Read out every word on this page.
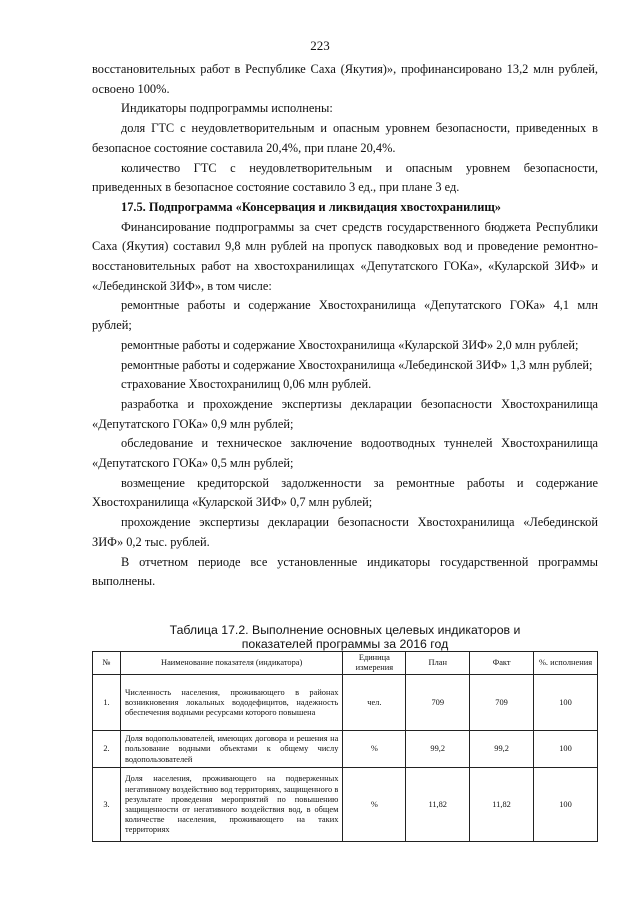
223

восстановительных работ в Республике Саха (Якутия)», профинансировано 13,2 млн рублей, освоено 100%.

Индикаторы подпрограммы исполнены:

доля ГТС с неудовлетворительным и опасным уровнем безопасности, приведенных в безопасное состояние составила 20,4%, при плане 20,4%.

количество ГТС с неудовлетворительным и опасным уровнем безопасности, приведенных в безопасное состояние составило 3 ед., при плане 3 ед.

17.5. Подпрограмма «Консервация и ликвидация хвостохранилищ»

Финансирование подпрограммы за счет средств государственного бюджета Республики Саха (Якутия) составил 9,8 млн рублей на пропуск паводковых вод и проведение ремонтно-восстановительных работ на хвостохранилищах «Депутатского ГОКа», «Куларской ЗИФ» и «Лебединской ЗИФ», в том числе:

ремонтные работы и содержание Хвостохранилища «Депутатского ГОКа» 4,1 млн рублей;

ремонтные работы и содержание Хвостохранилища «Куларской ЗИФ» 2,0 млн рублей;

ремонтные работы и содержание Хвостохранилища «Лебединской ЗИФ» 1,3 млн рублей;

страхование Хвостохранилищ 0,06 млн рублей.

разработка и прохождение экспертизы декларации безопасности Хвостохранилища «Депутатского ГОКа» 0,9 млн рублей;

обследование и техническое заключение водоотводных туннелей Хвостохранилища «Депутатского ГОКа» 0,5 млн рублей;

возмещение кредиторской задолженности за ремонтные работы и содержание Хвостохранилища «Куларской ЗИФ» 0,7 млн рублей;

прохождение экспертизы декларации безопасности Хвостохранилища «Лебединской ЗИФ» 0,2 тыс. рублей.

В отчетном периоде все установленные индикаторы государственной программы выполнены.

Таблица 17.2. Выполнение основных целевых индикаторов и
показателей программы за 2016 год
№	Наименование показателя (индикатора)	Единица измерения	План	Факт	%. исполнения
1.	Численность населения, проживающего в районах возникновения локальных вододефицитов, надежность обеспечения водными ресурсами которого повышена	чел.	709	709	100
2.	Доля водопользователей, имеющих договора и решения на пользование водными объектами к общему числу водопользователей	%	99,2	99,2	100
3.	Доля населения, проживающего на подверженных негативному воздействию вод территориях, защищенного в результате проведения мероприятий по повышению защищенности от негативного воздействия вод, в общем количестве населения, проживающего на таких территориях	%	11,82	11,82	100
